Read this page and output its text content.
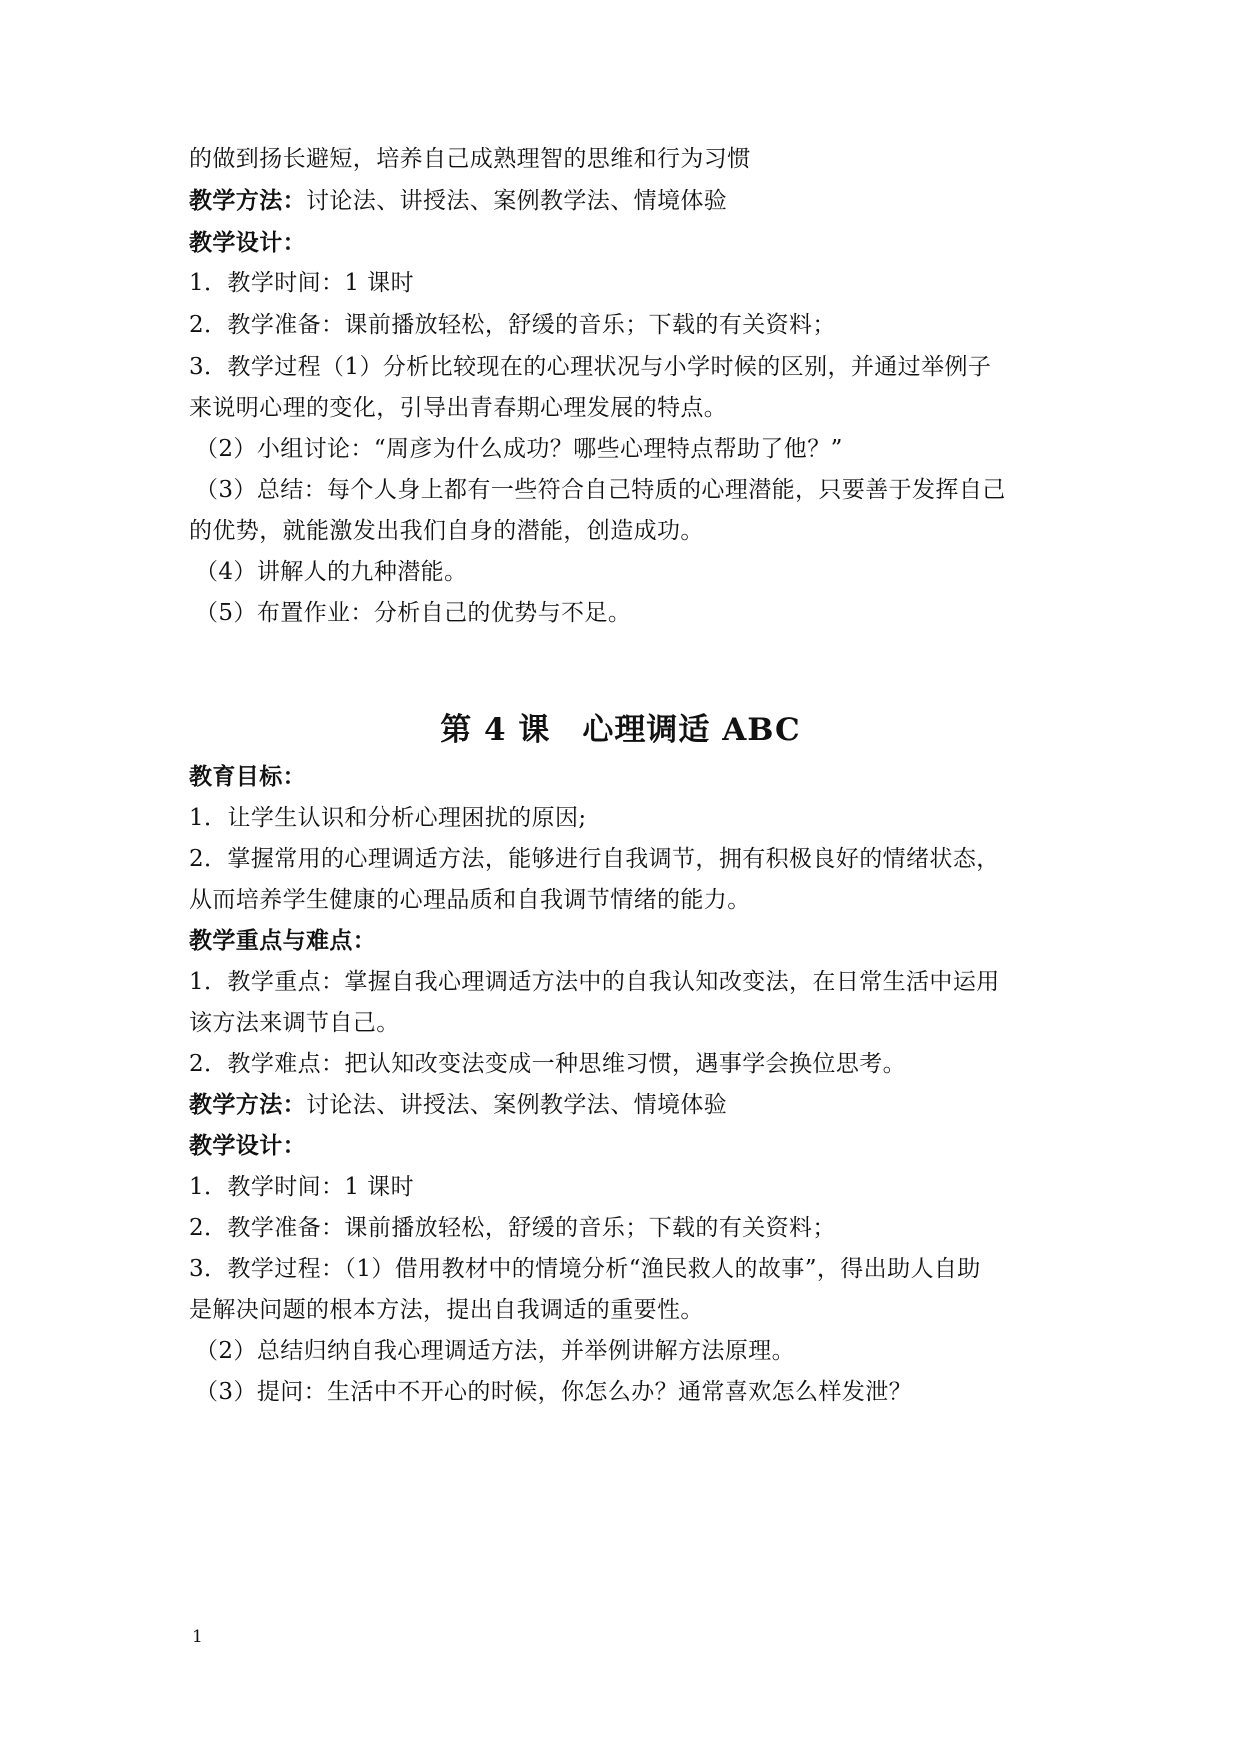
的做到扬长避短，培养自己成熟理智的思维和行为习惯
教学方法：讨论法、讲授法、案例教学法、情境体验
教学设计：
1．教学时间：1 课时
2．教学准备：课前播放轻松，舒缓的音乐；下载的有关资料；
3．教学过程（1）分析比较现在的心理状况与小学时候的区别，并通过举例子
来说明心理的变化，引导出青春期心理发展的特点。
（2）小组讨论：“周彦为什么成功？哪些心理特点帮助了他？”
（3）总结：每个人身上都有一些符合自己特质的心理潜能，只要善于发挥自己
的优势，就能激发出我们自身的潜能，创造成功。
（4）讲解人的九种潜能。
（5）布置作业：分析自己的优势与不足。
第 4 课　心理调适 ABC
教育目标：
1．让学生认识和分析心理困扰的原因;
2．掌握常用的心理调适方法，能够进行自我调节，拥有积极良好的情绪状态，
从而培养学生健康的心理品质和自我调节情绪的能力。
教学重点与难点：
1．教学重点：掌握自我心理调适方法中的自我认知改变法，在日常生活中运用
该方法来调节自己。
2．教学难点：把认知改变法变成一种思维习惯，遇事学会换位思考。
教学方法：讨论法、讲授法、案例教学法、情境体验
教学设计：
1．教学时间：1 课时
2．教学准备：课前播放轻松，舒缓的音乐；下载的有关资料；
3．教学过程：（1）借用教材中的情境分析“渔民救人的故事”，得出助人自助
是解决问题的根本方法，提出自我调适的重要性。
（2）总结归纳自我心理调适方法，并举例讲解方法原理。
（3）提问：生活中不开心的时候，你怎么办？通常喜欢怎么样发泄？
1
